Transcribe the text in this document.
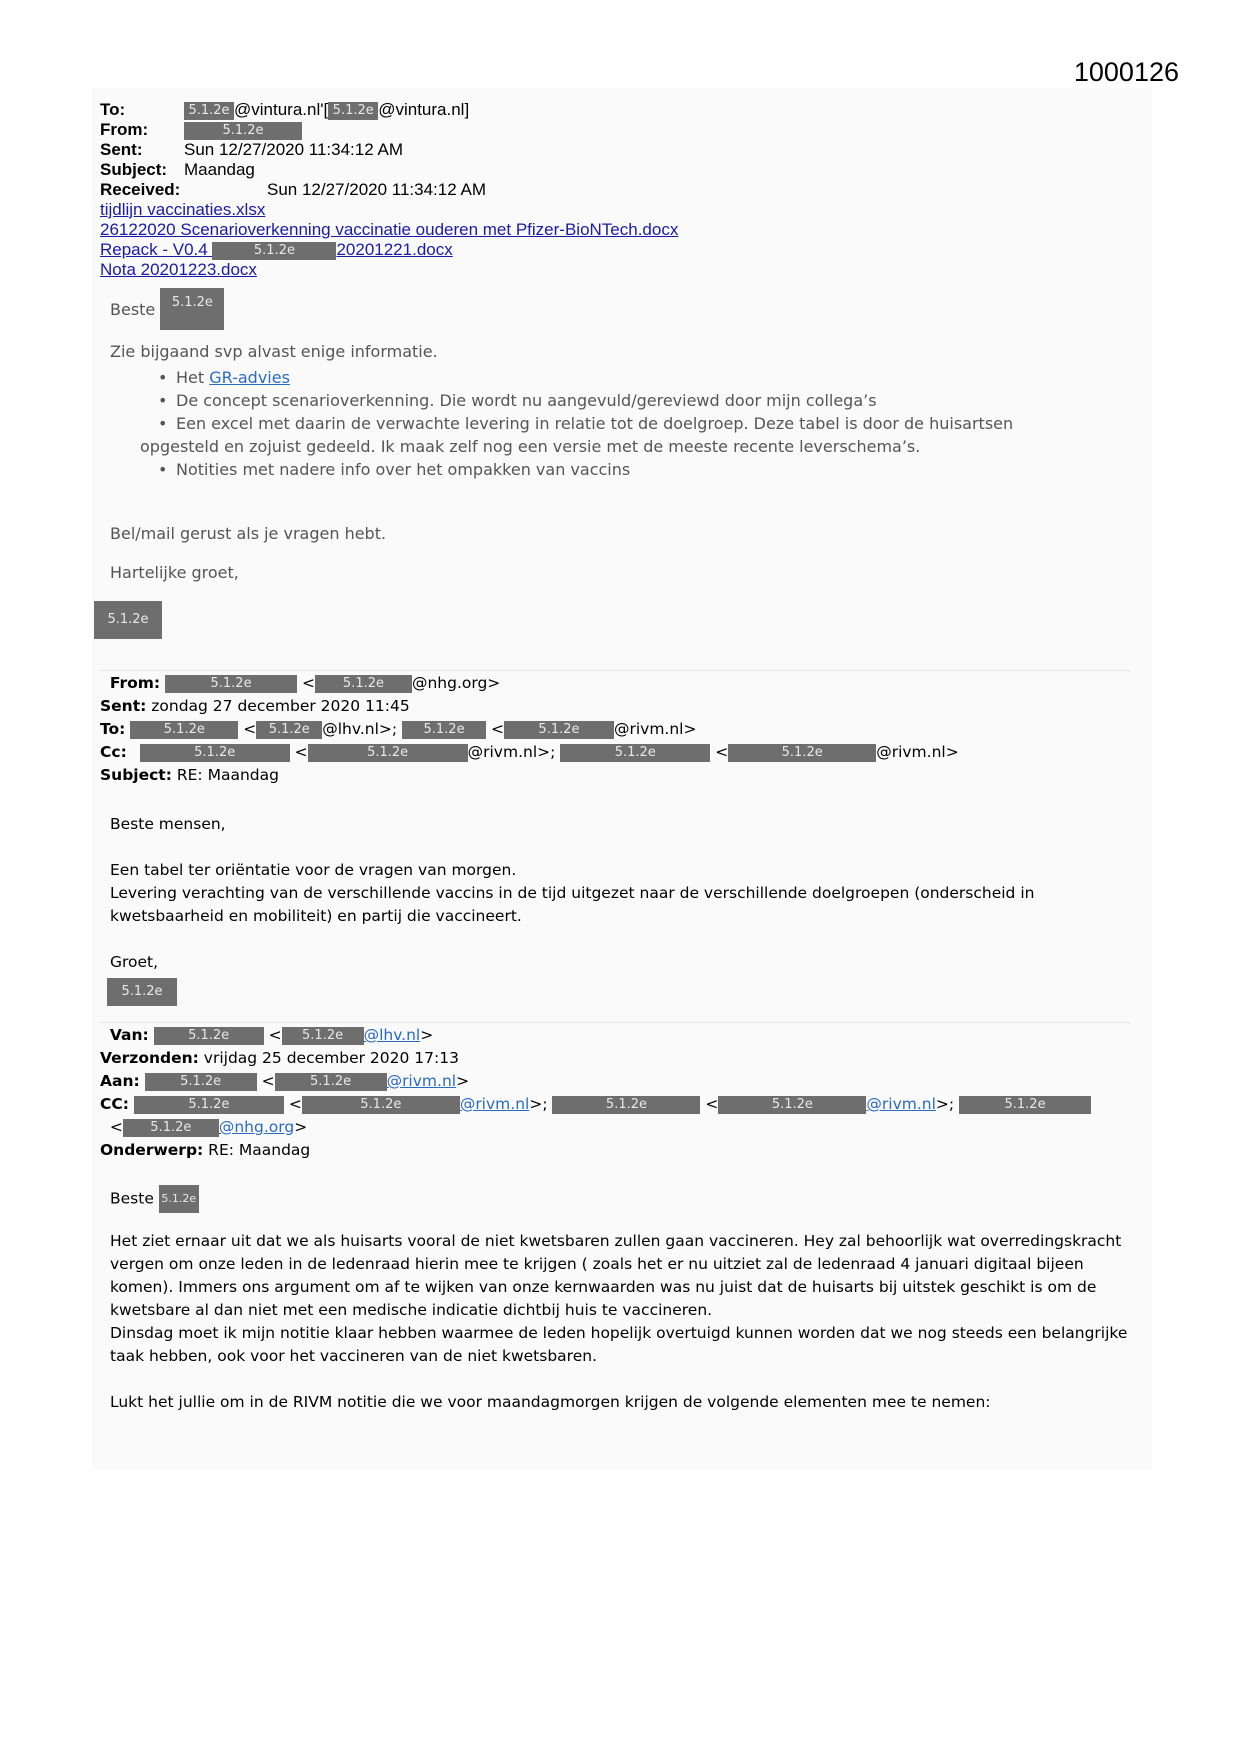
1000126
To:	5.1.2e @vintura.nl'[ 5.1.2e @vintura.nl]
From:	5.1.2e
Sent: Sun 12/27/2020 11:34:12 AM
Subject: Maandag
Received:	Sun 12/27/2020 11:34:12 AM
tijdlijn vaccinaties.xlsx
26122020 Scenarioverkenning vaccinatie ouderen met Pfizer-BioNTech.docx
Repack - V0.4	5.1.2e 20201221.docx
Nota 20201223.docx
Beste 5.1.2e
Zie bijgaand svp alvast enige informatie.
• Het GR-advies
• De concept scenarioverkenning. Die wordt nu aangevuld/gereviewd door mijn collega’s
• Een excel met daarin de verwachte levering in relatie tot de doelgroep. Deze tabel is door de huisartsen
opgesteld en zojuist gedeeld. Ik maak zelf nog een versie met de meeste recente leverschema’s.
• Notities met nadere info over het ompakken van vaccins
Bel/mail gerust als je vragen hebt.
Hartelijke groet,
5.1.2e
From:	5.1.2e	< 5.1.2e @nhg.org>
Sent: zondag 27 december 2020 11:45
To:	5.1.2e < 5.1.2e @lhv.nl>; 5.1.2e <	5.1.2e @rivm.nl>
Cc:	5.1.2e	<	5.1.2e	@rivm.nl>;	5.1.2e	<	5.1.2e	@rivm.nl>
Subject: RE: Maandag

Beste mensen,

Een tabel ter oriëntatie voor de vragen van morgen.

Levering verachting van de verschillende vaccins in de tijd uitgezet naar de verschillende doelgroepen (onderscheid in

kwetsbaarheid en mobiliteit) en partij die vaccineert.

Groet,

5.1.2e
Van:	5.1.2e < 5.1.2e @lhv.nl>
Verzonden: vrijdag 25 december 2020 17:13
Aan:	5.1.2e <	5.1.2e @rivm.nl>
CC:	5.1.2e	<	5.1.2e	@rivm.nl>;	5.1.2e	<	5.1.2e	@rivm.nl>;	5.1.2e
< 5.1.2e @nhg.org>
Onderwerp: RE: Maandag

Beste 5.1.2e

Het ziet ernaar uit dat we als huisarts vooral de niet kwetsbaren zullen gaan vaccineren. Hey zal behoorlijk wat overredingskracht

vergen om onze leden in de ledenraad hierin mee te krijgen ( zoals het er nu uitziet zal de ledenraad 4 januari digitaal bijeen

komen). Immers ons argument om af te wijken van onze kernwaarden was nu juist dat de huisarts bij uitstek geschikt is om de

kwetsbare al dan niet met een medische indicatie dichtbij huis te vaccineren.

Dinsdag moet ik mijn notitie klaar hebben waarmee de leden hopelijk overtuigd kunnen worden dat we nog steeds een belangrijke

taak hebben, ook voor het vaccineren van de niet kwetsbaren.

Lukt het jullie om in de RIVM notitie die we voor maandagmorgen krijgen de volgende elementen mee te nemen:
